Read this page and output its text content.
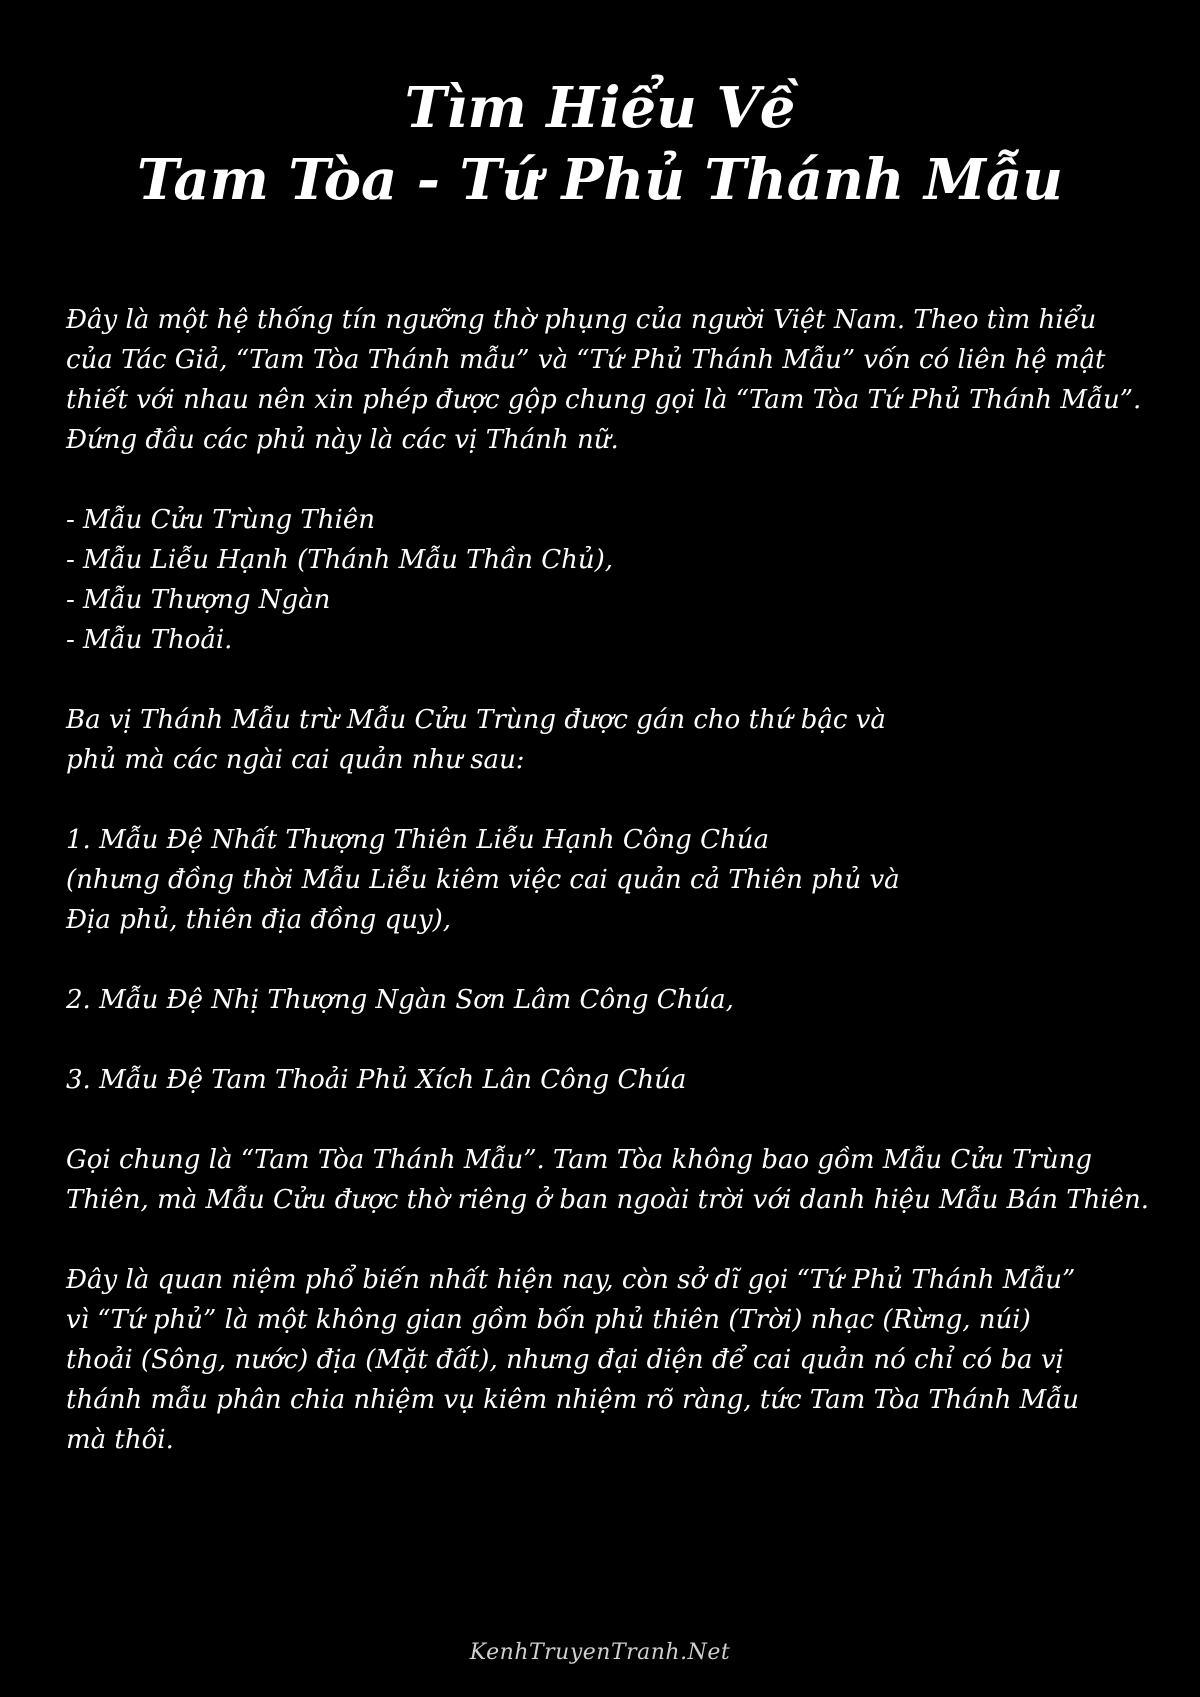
Tìm Hiểu Về
Tam Tòa - Tứ Phủ Thánh Mẫu
Đây là một hệ thống tín ngưỡng thờ phụng của người Việt Nam. Theo tìm hiểu
của Tác Giả, “Tam Tòa Thánh mẫu” và “Tứ Phủ Thánh Mẫu” vốn có liên hệ mật
thiết với nhau nên xin phép được gộp chung gọi là “Tam Tòa Tứ Phủ Thánh Mẫu”.
Đứng đầu các phủ này là các vị Thánh nữ.
- Mẫu Cửu Trùng Thiên
- Mẫu Liễu Hạnh (Thánh Mẫu Thần Chủ),
- Mẫu Thượng Ngàn
- Mẫu Thoải.
Ba vị Thánh Mẫu trừ Mẫu Cửu Trùng được gán cho thứ bậc và
phủ mà các ngài cai quản như sau:
1. Mẫu Đệ Nhất Thượng Thiên Liễu Hạnh Công Chúa
(nhưng đồng thời Mẫu Liễu kiêm việc cai quản cả Thiên phủ và
Địa phủ, thiên địa đồng quy),
2. Mẫu Đệ Nhị Thượng Ngàn Sơn Lâm Công Chúa,
3. Mẫu Đệ Tam Thoải Phủ Xích Lân Công Chúa
Gọi chung là “Tam Tòa Thánh Mẫu”. Tam Tòa không bao gồm Mẫu Cửu Trùng
Thiên, mà Mẫu Cửu được thờ riêng ở ban ngoài trời với danh hiệu Mẫu Bán Thiên.
Đây là quan niệm phổ biến nhất hiện nay, còn sở dĩ gọi “Tứ Phủ Thánh Mẫu”
vì “Tứ phủ” là một không gian gồm bốn phủ thiên (Trời) nhạc (Rừng, núi)
thoải (Sông, nước) địa (Mặt đất), nhưng đại diện để cai quản nó chỉ có ba vị
thánh mẫu phân chia nhiệm vụ kiêm nhiệm rõ ràng, tức Tam Tòa Thánh Mẫu
mà thôi.
KenhTruyenTranh.Net
